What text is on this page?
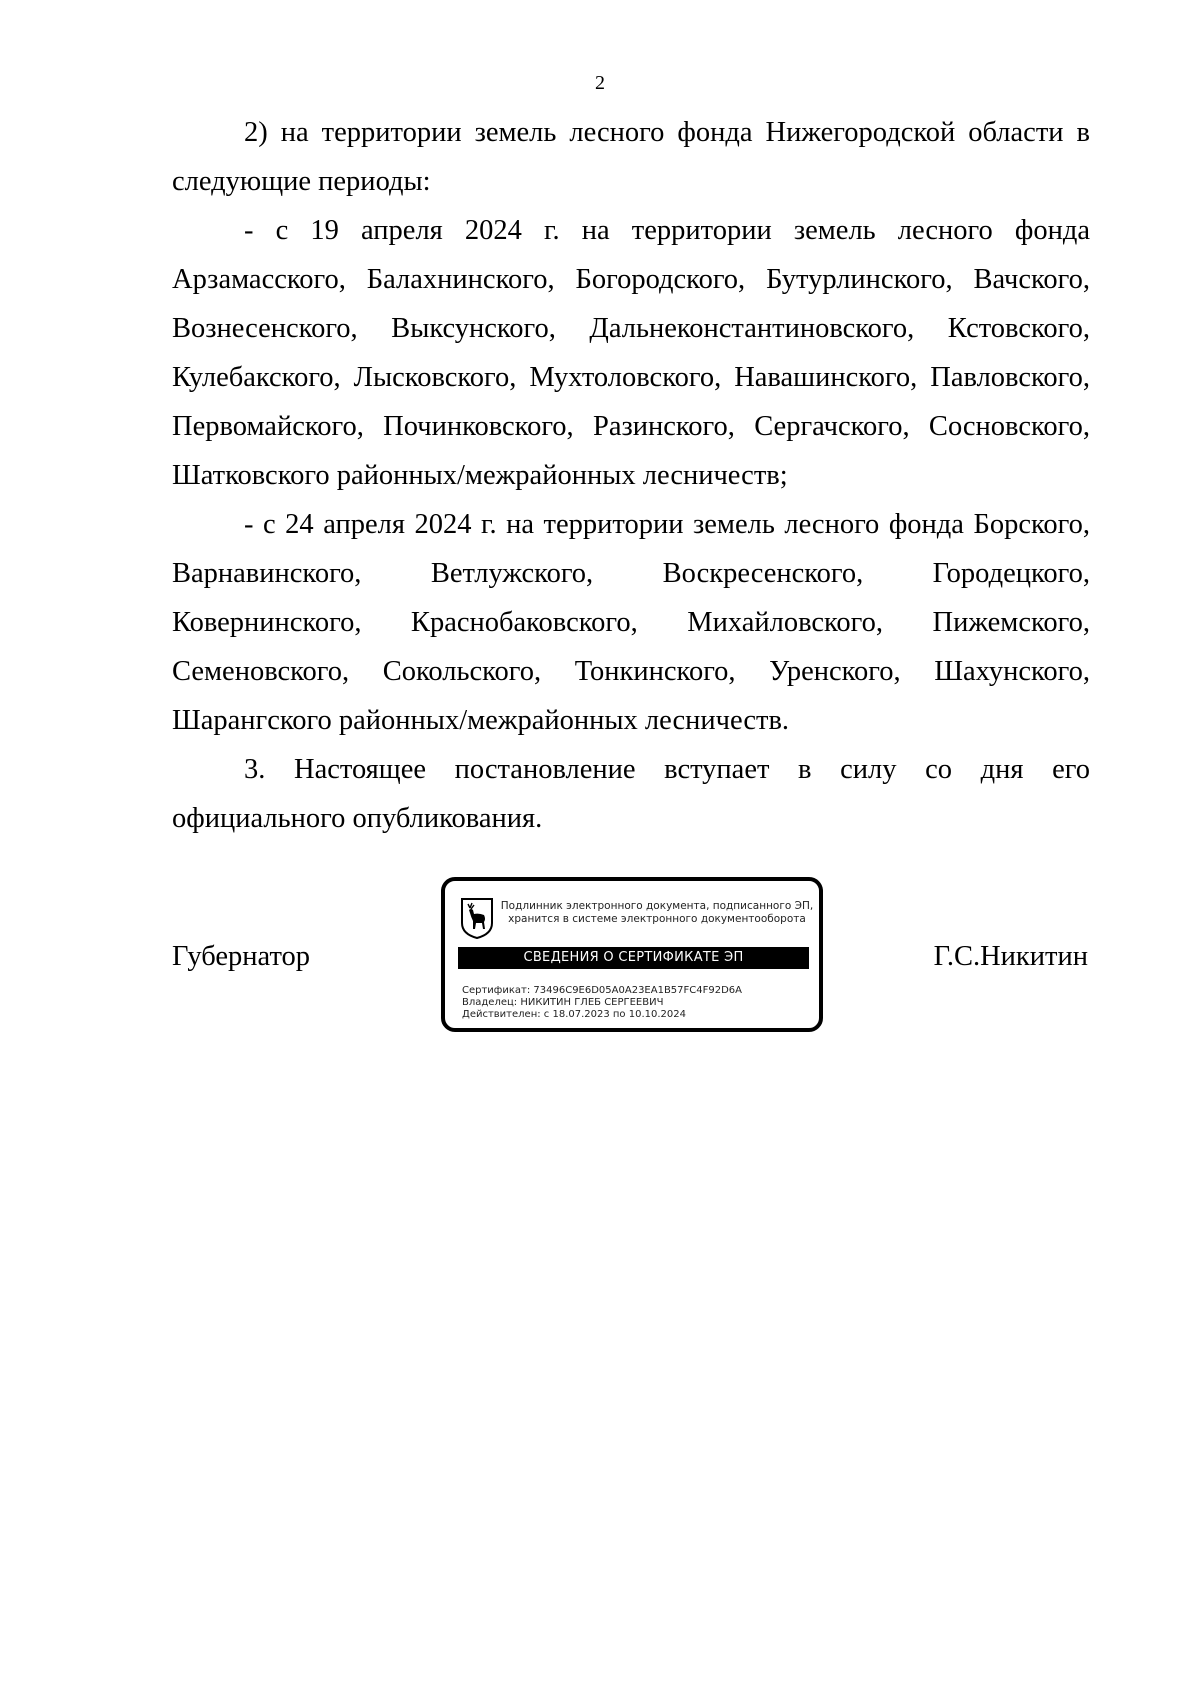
2

2) на территории земель лесного фонда Нижегородской области в следующие периоды:

- с 19 апреля 2024 г. на территории земель лесного фонда Арзамасского, Балахнинского, Богородского, Бутурлинского, Вачского, Вознесенского, Выксунского, Дальнеконстантиновского, Кстовского, Кулебакского, Лысковского, Мухтоловского, Навашинского, Павловского, Первомайского, Починковского, Разинского, Сергачского, Сосновского, Шатковского районных/межрайонных лесничеств;

- с 24 апреля 2024 г. на территории земель лесного фонда Борского, Варнавинского, Ветлужского, Воскресенского, Городецкого, Ковернинского, Краснобаковского, Михайловского, Пижемского, Семеновского, Сокольского, Тонкинского, Уренского, Шахунского, Шарангского районных/межрайонных лесничеств.

3. Настоящее постановление вступает в силу со дня его официального опубликования.

Губернатор
Подлинник электронного документа, подписанного ЭП,
хранится в системе электронного документооборота
СВЕДЕНИЯ О СЕРТИФИКАТЕ ЭП
Сертификат: 73496C9E6D05A0A23EA1B57FC4F92D6A
Владелец: НИКИТИН ГЛЕБ СЕРГЕЕВИЧ
Действителен: с 18.07.2023 по 10.10.2024
Г.С.Никитин
